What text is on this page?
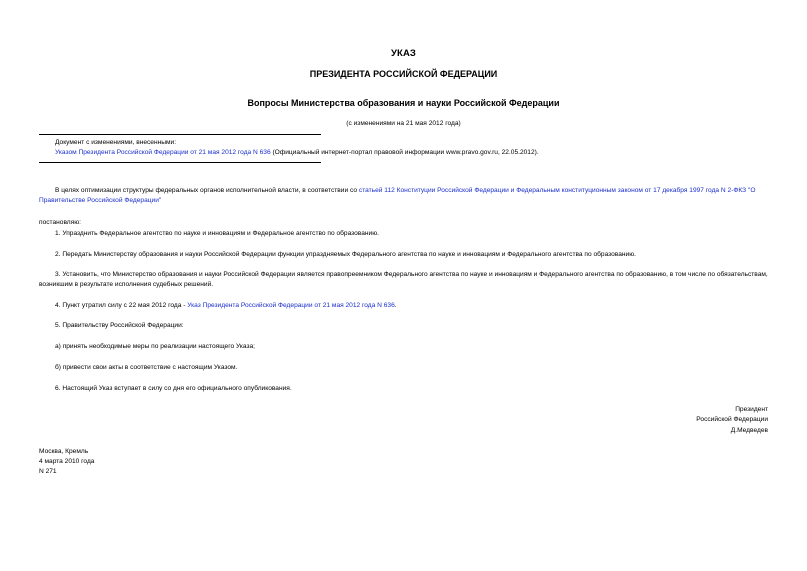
УКАЗ
ПРЕЗИДЕНТА РОССИЙСКОЙ ФЕДЕРАЦИИ
Вопросы Министерства образования и науки Российской Федерации
(с изменениями на 21 мая 2012 года)
Документ с изменениями, внесенными:
Указом Президента Российской Федерации от 21 мая 2012 года N 636 (Официальный интернет-портал правовой информации www.pravo.gov.ru, 22.05.2012).
В целях оптимизации структуры федеральных органов исполнительной власти, в соответствии со статьей 112 Конституции Российской Федерации и Федеральным конституционным законом от 17 декабря 1997 года N 2-ФКЗ "О Правительстве Российской Федерации"
постановляю:
1. Упразднить Федеральное агентство по науке и инновациям и Федеральное агентство по образованию.
2. Передать Министерству образования и науки Российской Федерации функции упраздняемых Федерального агентства по науке и инновациям и Федерального агентства по образованию.
3. Установить, что Министерство образования и науки Российской Федерации является правопреемником Федерального агентства по науке и инновациям и Федерального агентства по образованию, в том числе по обязательствам, возникшим в результате исполнения судебных решений.
4. Пункт утратил силу с 22 мая 2012 года - Указ Президента Российской Федерации от 21 мая 2012 года N 636.
5. Правительству Российской Федерации:
а) принять необходимые меры по реализации настоящего Указа;
б) привести свои акты в соответствие с настоящим Указом.
6. Настоящий Указ вступает в силу со дня его официального опубликования.
Президент
Российской Федерации
Д.Медведев
Москва, Кремль
4 марта 2010 года
N 271
